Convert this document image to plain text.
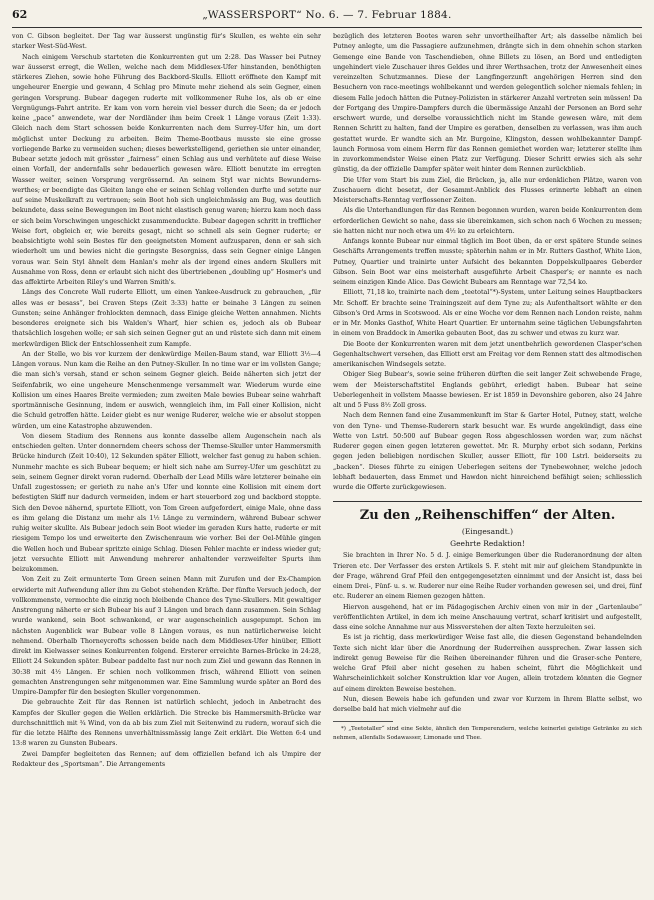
62	„WASSERSPORT“ No. 6. — 7. Februar 1884.

von C. Gibson begleitet. Der Tag war äusserst ungünstig für's Skullen, es wehte ein sehr starker West-Süd-West.

Nach einigem Verschub starteten die Konkurrenten gut um 2:28. Das Wasser bei Putney war äusserst erregt, die Wellen, welche nach dem Middlesex-Ufer hinstanden, benöthigten stärkeres Ziehen, sowie hohe Führung des Backbord-Skulls. Elliott eröffnete den Kampf mit ungeheurer Energie und gewann, 4 Schlag pro Minute mehr ziehend als sein Gegner, einen geringen Vorsprung. Bubear dagegen ruderte mit vollkommener Ruhe los, als ob er eine Vergnügungs-Fahrt antrite. Er kam von vorn herein viel besser durch die Seen; da er jedoch keine „pace“ anwendete, war der Nordländer ihm beim Creek 1 Länge voraus (Zeit 1:33). Gleich nach dem Start schossen beide Konkurrenten nach dem Surrey-Ufer hin, um dort möglichst unter Deckung zu arbeiten. Beim Theme-Bootbaus musste sie eine grosse vorliegende Barke zu vermeiden suchen; dieses bewerkstelligend, geriethen sie unter einander, Bubear setzte jedoch mit grösster „fairness“ einen Schlag aus und verhütete auf diese Weise einen Vorfall, der andernfalls sehr bedauerlich gewesen wäre. Elliott benutzte im erregten Wasser weiter, seinen Vorsprung vergrössernd. An seinem Styl war nichts Bewunderns-werthes; er beendigte das Gleiten lange ehe er seinen Schlag vollenden durfte und setzte nur auf seine Muskelkraft zu vertrauen; sein Boot hob sich ungleichmässig am Bug, was deutlich bekundete, dass seine Bewegungen im Boot nicht elastisch genug waren; hierzu kam noch dass er sich beim Vorschwingen ungeschickt zusammenduckte. Bubear dagegen schritt in trefflicher Weise fort, obgleich er, wie bereits gesagt, nicht so schnell als sein Gegner ruderte; er beabsichtigte wohl sein Bestes für den geeignetsten Moment aufzusparen, denn er sah sich wiederholt um und bewies nicht die geringste Besorgniss, dass sein Gegner einige Längen voraus war. Sein Styl ähnelt dem Hanlan's mehr als der irgend eines andern Skullers mit Ausnahme von Ross, denn er erlaubt sich nicht des übertriebenen „doubling up“ Hosmer's und das affektirte Arbeiten Riley's und Warren Smith's.

Längs des Concrete Wall ruderte Elliott, um einen Yankee-Ausdruck zu gebrauchen, „für alles was er besass“, bei Craven Steps (Zeit 3:33) hatte er beinahe 3 Längen zu seinen Gunsten; seine Anhänger frohlockten demnach, dass Einige gleiche Wetten annahmen. Nichts besonderes ereignete sich bis Walden's Wharf, hier schien es, jedoch als ob Bubear thatsächlich losgehen wolle; er sah sich seinen Gegner gut an und rüstete sich dann mit einem merkwürdigen Blick der Entschlossenheit zum Kampfe.

An der Stelle, wo bis vor kurzem der denkwürdige Meilen-Baum stand, war Elliott 3½—4 Längen voraus. Nun kam die Reihe an den Putney-Skuller. In no time war er im vollsten Gange; die man sich's versah, stand er schon seinem Gegner gleich. Beide näherten sich jetzt der Seifenfabrik, wo eine ungeheure Menschenmenge versammelt war. Wiederum wurde eine Kollision um eines Haares Breite vermieden; zum zweiten Male bewies Bubear seine wahrhaft sportmännische Gesinnung, indem er auswich, wenngleich ihm, im Fall einer Kollision, nicht die Schuld getroffen hätte. Leider giebt es nur wenige Ruderer, welche wie er absolut stoppen würden, um eine Katastrophe abzuwenden.

Von diesem Stadium des Rennens aus konnte dasselbe allem Augenschein nach als entschieden gelten. Unter donnerndem cheers schoss der Themse-Skuller unter Hammersmith Brücke hindurch (Zeit 10:40), 12 Sekunden später Elliott, welcher fast genug zu haben schien. Nunmehr machte es sich Bubear bequem; er hielt sich nahe am Surrey-Ufer um geschützt zu sein, seinem Gegner direkt voran rudernd. Oberhalb der Lead Mills wäre letzterer beinahe ein Unfall zugestossen; er gerieth zu nahe an's Ufer und konnte eine Kollision mit einem dort befestigten Skiff nur dadurch vermeiden, indem er hart steuerbord zog und backbord stoppte. Sich den Devoe nähernd, spurtete Elliott, von Tom Green aufgefordert, einige Male, ohne dass es ihm gelang die Distanz um mehr als 1½ Länge zu vermindern, während Bubear schwer ruhig weiter skullte. Als Bubear jedoch sein Boot wieder im geraden Kurs hatte, ruderte er mit riesigem Tempo los und erweiterte den Zwischenraum wie vorher. Bei der Oel-Mühle gingen die Wellen hoch und Bubear spritzte einige Schlag. Diesen Fehler machte er indess wieder gut; jetzt versuchte Elliott mit Anwendung mehrerer anhaltender verzweifelter Spurts ihm beizukommen.

Von Zeit zu Zeit ermunterte Tom Green seinen Mann mit Zurufen und der Ex-Champion erwiderte mit Aufwendung aller ihm zu Gebot stehenden Kräfte. Der fünfte Versuch jedoch, der vollkommenste, vermochte die einzig noch bleibende Chance des Tyne-Skullers. Mit gewaltiger Anstrengung näherte er sich Bubear bis auf 3 Längen und brach dann zusammen. Sein Schlag wurde wankend, sein Boot schwankend, er war augenscheinlich ausgepumpt. Schon im nächsten Augenblick war Bubear volle 8 Längen voraus, es nun natürlicherweise leicht nehmend. Oberhalb Thorneycrofts schossen beide nach dem Middlesex-Ufer hinüber, Elliott direkt im Kielwasser seines Konkurrenten folgend. Ersterer erreichte Barnes-Brücke in 24:28, Elliott 24 Sekunden später. Bubear paddelte fast nur noch zum Ziel und gewann das Rennen in 30:38 mit 4½ Längen. Er schien noch vollkommen frisch, während Elliott von seinen gemachten Anstrengungen sehr mitgenommen war. Eine Sammlung wurde später an Bord des Umpire-Dampfer für den besiegten Skuller vorgenommen.

Die gebrauchte Zeit für das Rennen ist natürlich schlecht, jedoch in Anbetracht des Kampfes der Skuller gegen die Wellen erklärlich. Die Strecke bis Hammersmith-Brücke war durchschnittlich mit ¾ Wind, von da ab bis zum Ziel mit Seitenwind zu rudern, worauf sich die für die letzte Hälfte des Rennens unverhältnissmässig lange Zeit erklärt. Die Wetten 6:4 und 13:8 waren zu Gunsten Bubears.

Zwei Dampfer begleiteten das Rennen; auf dem offiziellen befand ich als Umpire der Redakteur des „Sportsman“. Die Arrangements

bezüglich des letzteren Bootes waren sehr unvortheilhafter Art; als dasselbe nämlich bei Putney anlegte, um die Passagiere aufzunehmen, drängte sich in dem ohnehin schon starken Gemenge eine Bande von Taschendieben, ohne Billets zu lösen, an Bord und entledigten ungehindert viele Zuschauer ihres Geldes und ihrer Werthsachen, trotz der Anwesenheit eines vereinzelten Schutzmannes. Diese der Langfingerzunft angehörigen Herren sind den Besuchern von race-meetings wohlbekannt und werden gelegentlich solcher niemals fehlen; in diesem Falle jedoch hätten die Putney-Polizisten in stärkerer Anzahl vertreten sein müssen! Da der Fortgang des Umpire-Dampfers durch die übermässige Anzahl der Personen an Bord sehr erschwert wurde, und derselbe voraussichtlich nicht im Stande gewesen wäre, mit dem Rennen Schritt zu halten, fand der Umpire es geratben, denselben zu verlassen, was ihm auch gestattet wurde. Er wandte sich an Mr. Burgoine, Klingston, dessen wohlbekannter Dampf-launch Formosa vom einem Herrn für das Rennen gemiethet worden war; letzterer stellte ihm in zuvorkommendster Weise einen Platz zur Verfügung. Dieser Schritt erwies sich als sehr günstig, da der offizielle Dampfer später weit hinter dem Rennen zurückblieb.

Die Ufer vom Start bis zum Ziel, die Brücken, ja, alle nur erdenklichen Plätze, waren von Zuschauern dicht besetzt, der Gesammt-Anblick des Flusses erinnerte lebhaft an einen Meisterschafts-Renntag verflossener Zeiten.

Als die Unterhandlungen für das Rennen begonnen wurden, waren beide Konkurrenten dem erforderlichen Gewicht so nahe, dass sie übereinkamen, sich schon nach 6 Wochen zu messen; sie hatten nicht nur noch etwa um 4½ ko zu erleichtern.

Anfangs konnte Bubear nur einmal täglich im Boot üben, da er erst spätere Stunde seines Geschäfts Arrangements treffen musste; späterhin nahm er in Mr. Rutters Gasthof, White Lion, Putney, Quartier und trainirte unter Aufsicht des bekannten Doppelskullpaares Geberder Gibson. Sein Boot war eins meisterhaft ausgeführte Arbeit Chasper's; er nannte es nach seinem einzigen Kinde Alice. Das Gewicht Bubears am Renntage war 72,54 ko.

Elliott, 71,18 ko, trainirte nach dem „teetotal“*)-System, unter Leitung seines Hauptbackers Mr. Schoff. Er brachte seine Trainingszeit auf dem Tyne zu; als Aufenthaltsort wählte er den Gibson's Ord Arms in Scotswood. Als er eine Woche vor dem Rennen nach London reiste, nahm er in Mr. Monks Gasthof, White Heart Quartier. Er unternahm seine täglichen Uebungsfahrten in einem von Braddock in Amerika gebauten Boot, das zu schwer und etwas zu kurz war.

Die Boote der Konkurrenten waren mit dem jetzt unentbehrlich gewordenen Clasper'schen Gegenhaltschwert versehen, das Elliott erst am Freitag vor dem Rennen statt des altmodischen amerikanischen Windsegels setzte.

Obiger Sieg Bubear's, sowie seine früheren dürften die seit langer Zeit schwebende Frage, wem der Meisterschaftstitel Englands gebührt, erledigt haben. Bubear hat seine Ueberlegenheit in vollstem Maasse bewiesen. Er ist 1859 in Devonshire geboren, also 24 Jahre alt und 5 Fuss 8½ Zoll gross.

Nach dem Rennen fand eine Zusammenkunft im Star & Garter Hotel, Putney, statt, welche von den Tyne- und Themse-Ruderern stark besucht war. Es wurde angekündigt, dass eine Wette von Lstrl. 50:500 auf Bubear gegen Ross abgeschlossen worden war, zum nächst Ruderer gegen einen gegen letzteren gewettet. Mr. R. Murphy erbot sich sodann, Perkins gegen jeden beliebigen nordischen Skuller, ausser Elliott, für 100 Lstrl. beiderseits zu „backen“. Dieses führte zu einigen Ueberlegen seitens der Tynebewohner, welche jedoch lebhaft bedauerten, dass Emmet und Hawdon nicht hinreichend befähigt seien; schliesslich wurde die Offerte zurückgewiesen.

Zu den „Reihenschiffen“ der Alten.
(Eingesandt.)
Geehrte Redaktion!

Sie brachten in Ihrer No. 5 d. J. einige Bemerkungen über die Ruderanordnung der alten Trieren etc. Der Verfasser des ersten Artikels S. F. steht mit mir auf gleichem Standpunkte in der Frage, während Graf Pfeil den entgegengesetzten einnimmt und der Ansicht ist, dass bei einem Drei-, Fünf- u. s. w. Ruderer nur eine Reihe Ruder vorhanden gewesen sei, und drei, fünf etc. Ruderer an einem Riemen gezogen hätten.

Hiervon ausgehend, hat er im Pädagogischen Archiv einen von mir in der „Gartenlaube“ veröffentlichten Artikel, in dem ich meine Anschauung vertrat, scharf kritisirt und aufgestellt, dass eine solche Annahme nur aus Missverstehen der alten Texte herzuleiten sei.

Es ist ja richtig, dass merkwürdiger Weise fast alle, die diesen Gegenstand behandelnden Texte sich nicht klar über die Anordnung der Ruderreihen aussprechen. Zwar lassen sich indirekt genug Beweise für die Reihen übereinander führen und die Graser-sche Pentere, welche Graf Pfeil aber nicht gesehen zu haben scheint, führt die Möglichkeit und Wahrscheinlichkeit solcher Konstruktion klar vor Augen, allein trotzdem könnten die Gegner auf einem direkten Beweise bestehen.

Nun, diesen Beweis habe ich gefunden und zwar vor Kurzem in Ihrem Blatte selbst, wo derselbe bald hat mich vielmehr auf die

*) „Teetotaller“ sind eine Sekte, ähnlich den Temperenzlern, welche keinerlei geistige Getränke zu sich nehmen, allenfalls Sodawasser, Limonade und Thee.
